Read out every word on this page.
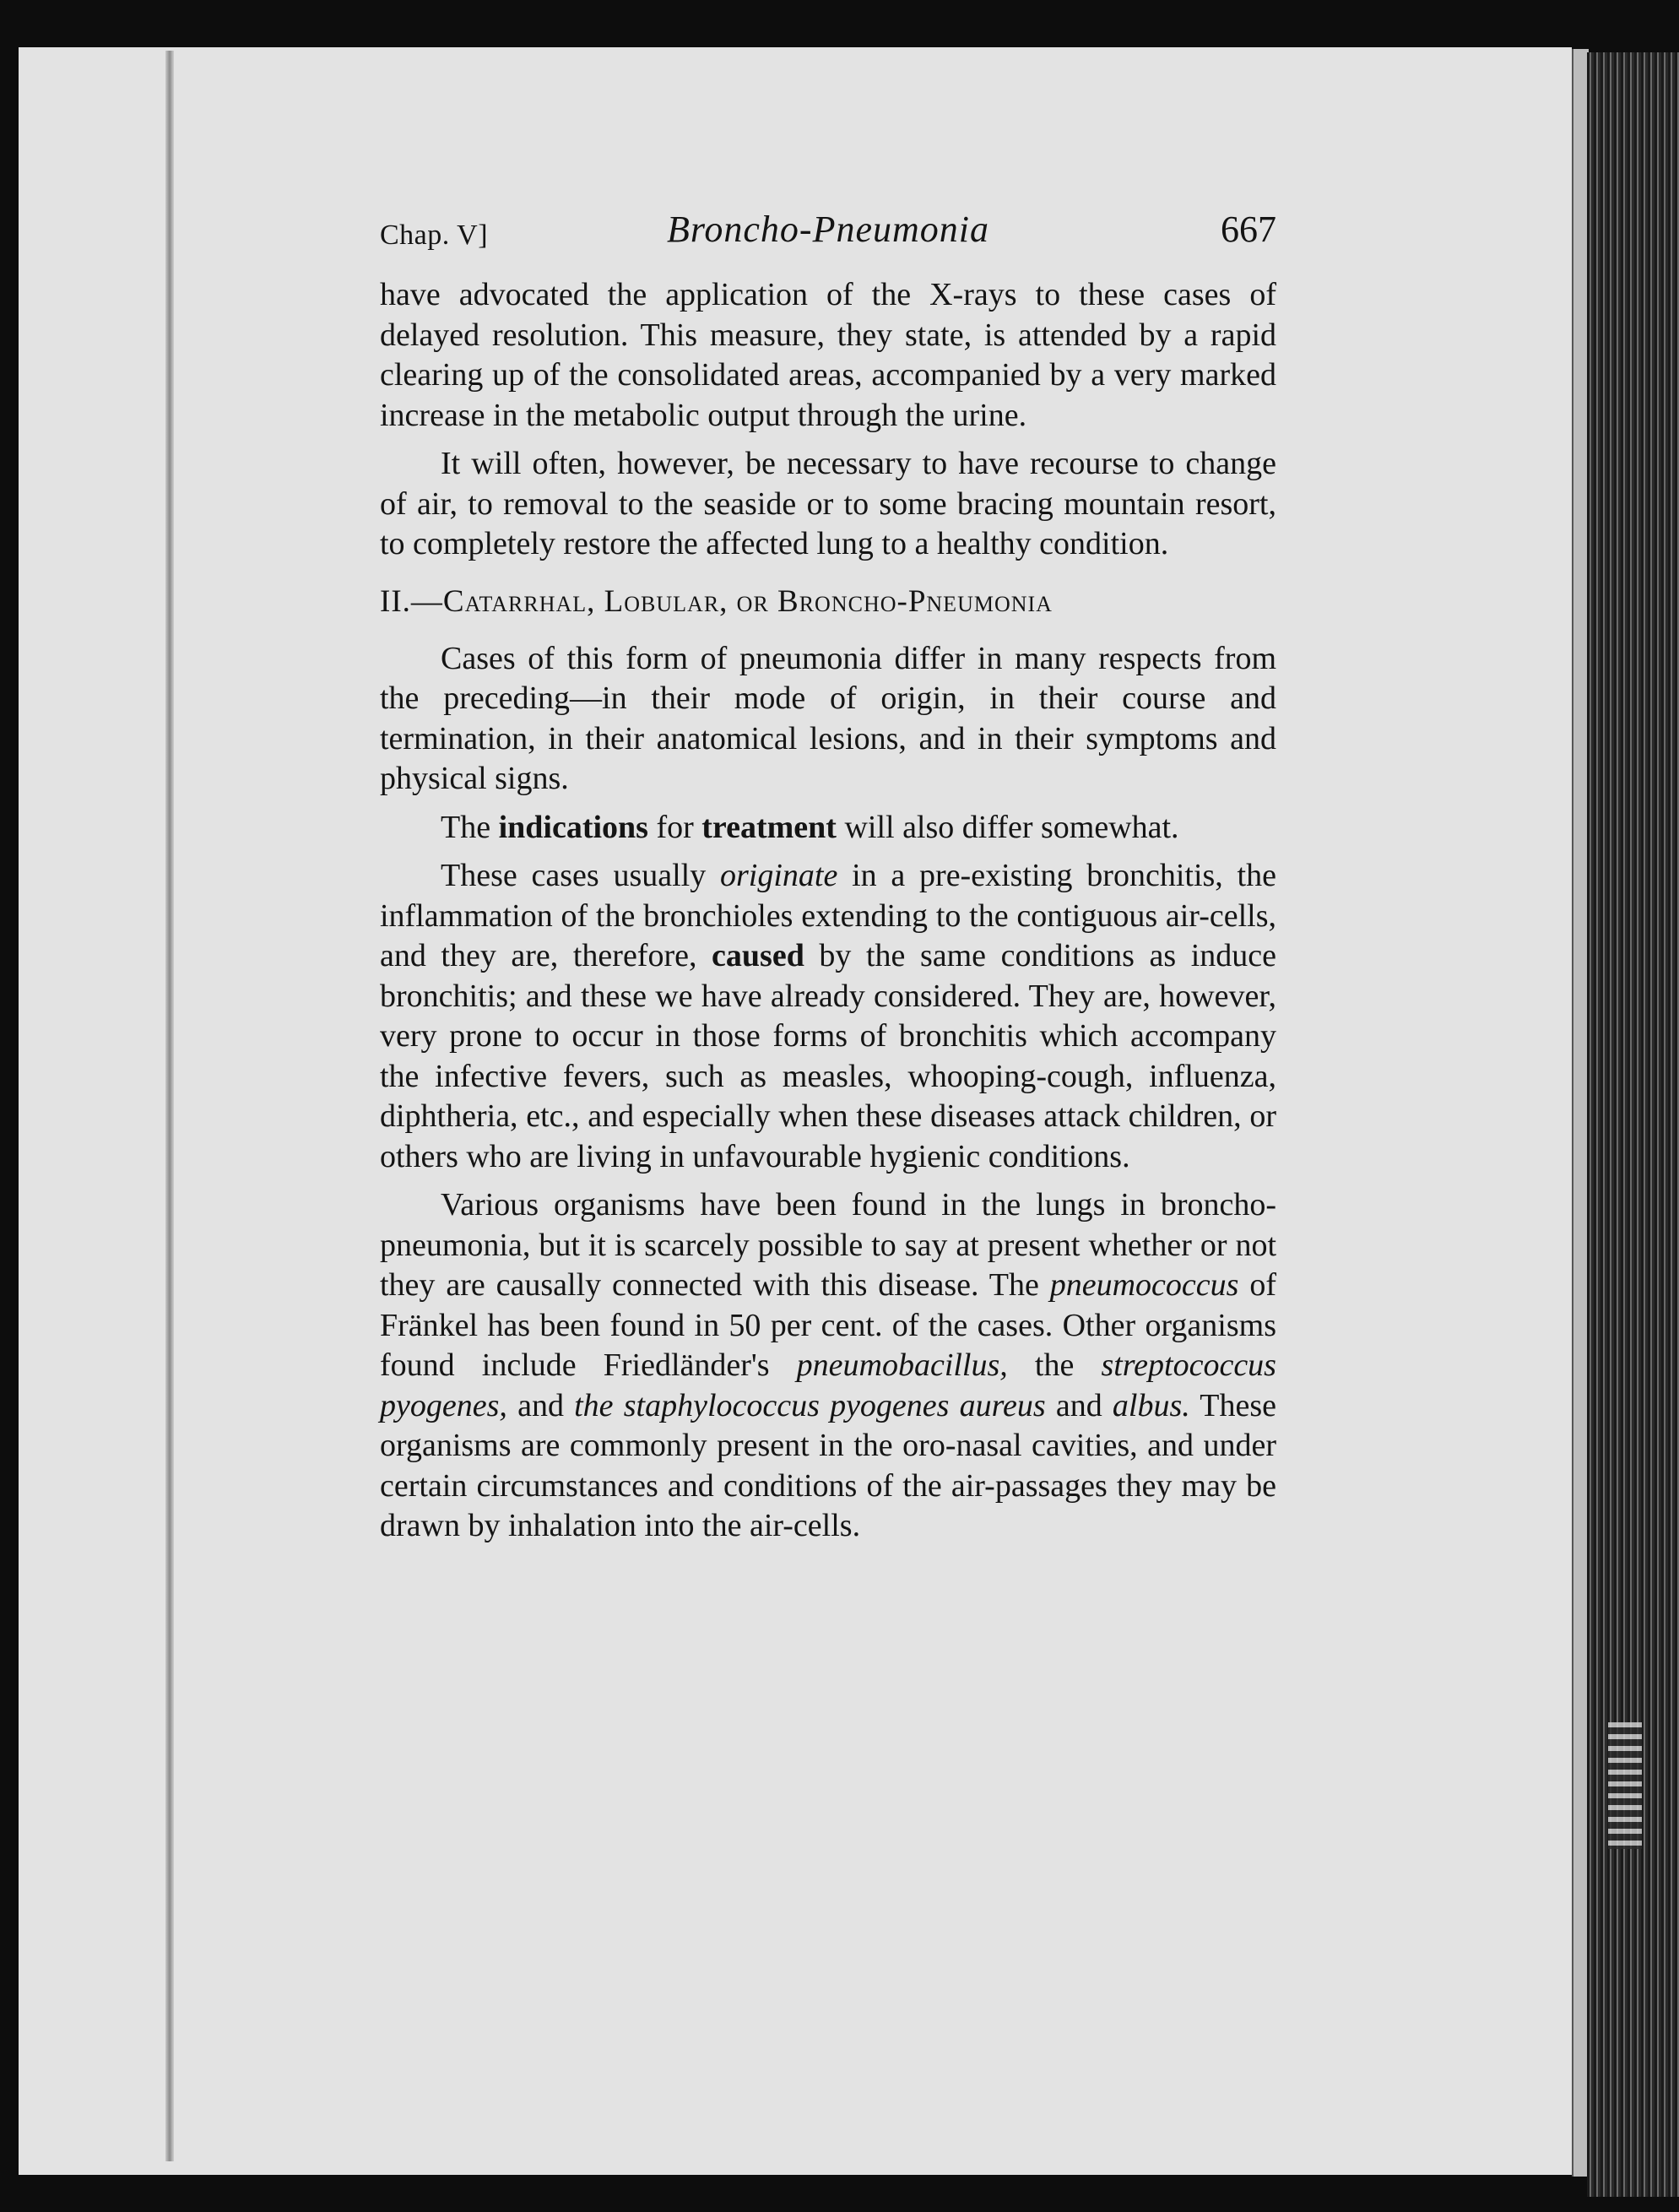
Chap. V]	Broncho-Pneumonia	667

have advocated the application of the X-rays to these cases of delayed resolution. This measure, they state, is attended by a rapid clearing up of the consolidated areas, accompanied by a very marked increase in the metabolic output through the urine.

It will often, however, be necessary to have recourse to change of air, to removal to the seaside or to some bracing mountain resort, to completely restore the affected lung to a healthy condition.

II.—Catarrhal, Lobular, or Broncho-Pneumonia

Cases of this form of pneumonia differ in many respects from the preceding—in their mode of origin, in their course and termination, in their anatomical lesions, and in their symptoms and physical signs.

The indications for treatment will also differ somewhat.

These cases usually originate in a pre-existing bronchitis, the inflammation of the bronchioles extending to the contiguous air-cells, and they are, therefore, caused by the same conditions as induce bronchitis; and these we have already considered. They are, however, very prone to occur in those forms of bronchitis which accompany the infective fevers, such as measles, whooping-cough, influenza, diphtheria, etc., and especially when these diseases attack children, or others who are living in unfavourable hygienic conditions.

Various organisms have been found in the lungs in broncho-pneumonia, but it is scarcely possible to say at present whether or not they are causally connected with this disease. The pneumococcus of Fränkel has been found in 50 per cent. of the cases. Other organisms found include Friedländer's pneumobacillus, the streptococcus pyogenes, and the staphylococcus pyogenes aureus and albus. These organisms are commonly present in the oro-nasal cavities, and under certain circumstances and conditions of the air-passages they may be drawn by inhalation into the air-cells.
